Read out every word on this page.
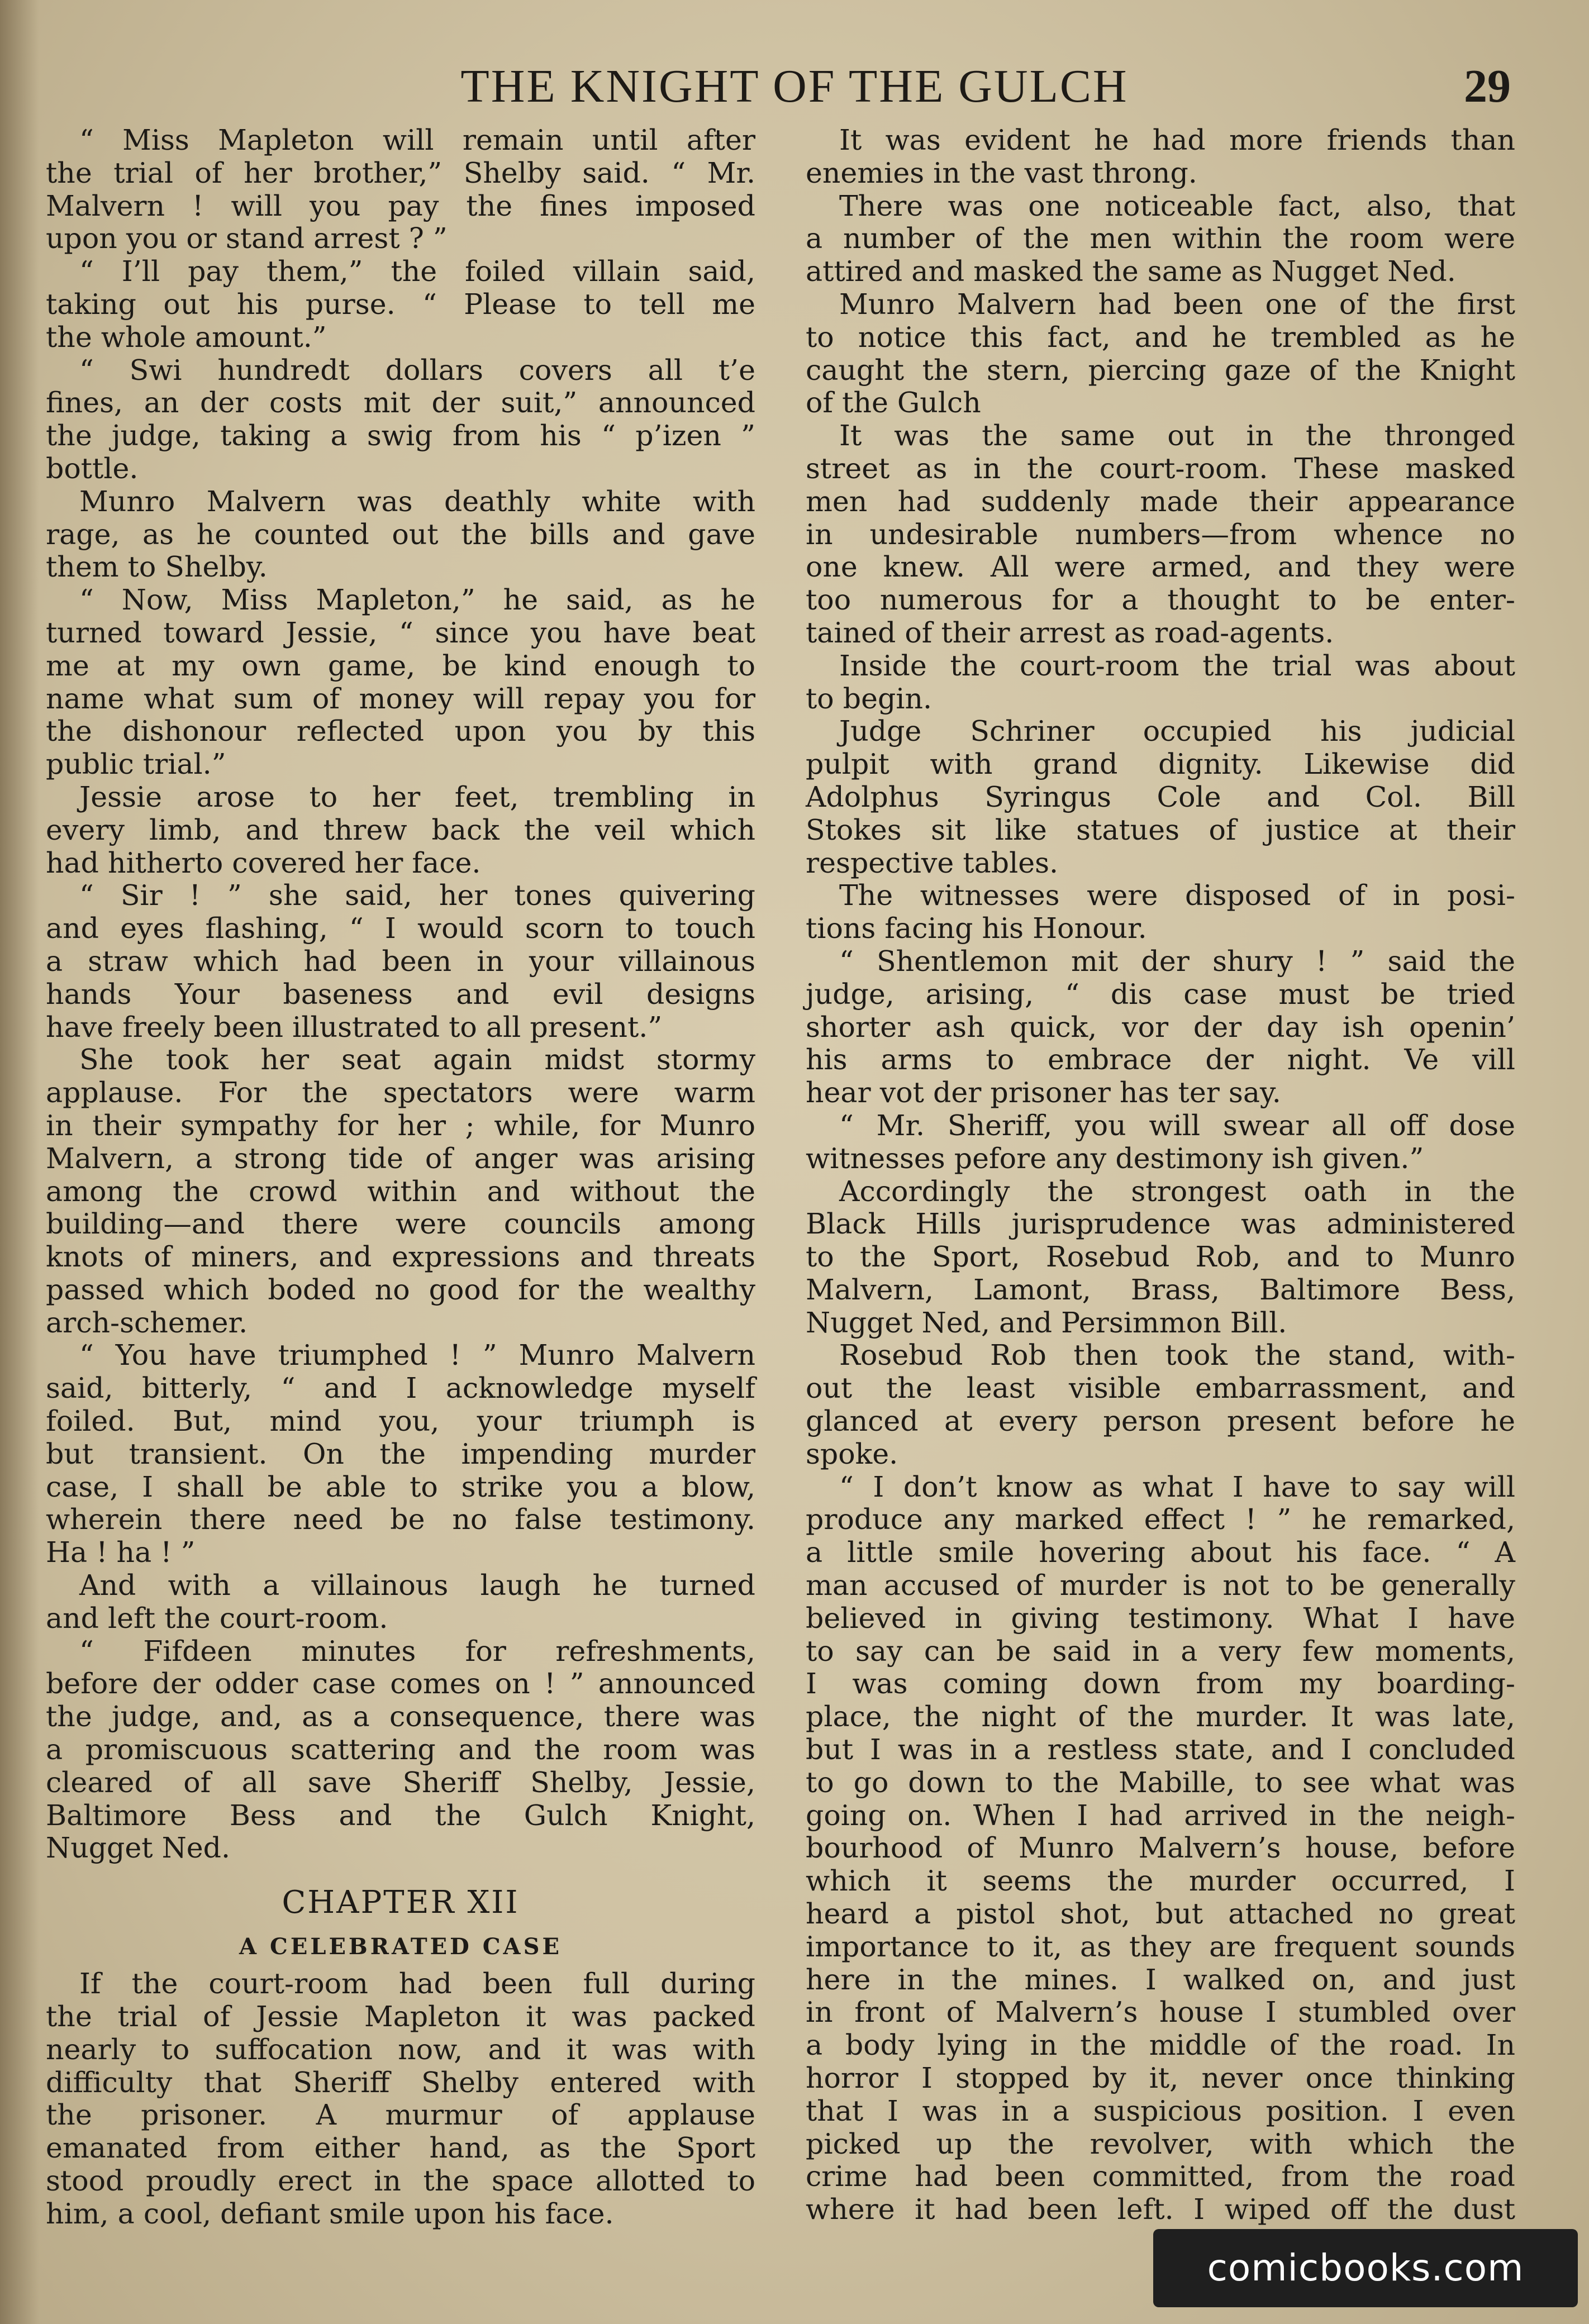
THE KNIGHT OF THE GULCH	29
“ Miss Mapleton will remain until after
the trial of her brother,” Shelby said. “ Mr.
Malvern ! will you pay the fines imposed
upon you or stand arrest ? ”
“ I’ll pay them,” the foiled villain said,
taking out his purse. “ Please to tell me
the whole amount.”
“ Swi hundredt dollars covers all t’e
fines, an der costs mit der suit,” announced
the judge, taking a swig from his “ p’izen ”
bottle.
Munro Malvern was deathly white with
rage, as he counted out the bills and gave
them to Shelby.
“ Now, Miss Mapleton,” he said, as he
turned toward Jessie, “ since you have beat
me at my own game, be kind enough to
name what sum of money will repay you for
the dishonour reflected upon you by this
public trial.”
Jessie arose to her feet, trembling in
every limb, and threw back the veil which
had hitherto covered her face.
“ Sir ! ” she said, her tones quivering
and eyes flashing, “ I would scorn to touch
a straw which had been in your villainous
hands Your baseness and evil designs
have freely been illustrated to all present.”
She took her seat again midst stormy
applause. For the spectators were warm
in their sympathy for her ; while, for Munro
Malvern, a strong tide of anger was arising
among the crowd within and without the
building—and there were councils among
knots of miners, and expressions and threats
passed which boded no good for the wealthy
arch-schemer.
“ You have triumphed ! ” Munro Malvern
said, bitterly, “ and I acknowledge myself
foiled. But, mind you, your triumph is
but transient. On the impending murder
case, I shall be able to strike you a blow,
wherein there need be no false testimony.
Ha ! ha ! ”
And with a villainous laugh he turned
and left the court-room.
“ Fifdeen minutes for refreshments,
before der odder case comes on ! ” announced
the judge, and, as a consequence, there was
a promiscuous scattering and the room was
cleared of all save Sheriff Shelby, Jessie,
Baltimore Bess and the Gulch Knight,
Nugget Ned.
CHAPTER XII
A CELEBRATED CASE
If the court-room had been full during
the trial of Jessie Mapleton it was packed
nearly to suffocation now, and it was with
difficulty that Sheriff Shelby entered with
the prisoner. A murmur of applause
emanated from either hand, as the Sport
stood proudly erect in the space allotted to
him, a cool, defiant smile upon his face.
It was evident he had more friends than
enemies in the vast throng.
There was one noticeable fact, also, that
a number of the men within the room were
attired and masked the same as Nugget Ned.
Munro Malvern had been one of the first
to notice this fact, and he trembled as he
caught the stern, piercing gaze of the Knight
of the Gulch
It was the same out in the thronged
street as in the court-room. These masked
men had suddenly made their appearance
in undesirable numbers—from whence no
one knew. All were armed, and they were
too numerous for a thought to be enter-
tained of their arrest as road-agents.
Inside the court-room the trial was about
to begin.
Judge Schriner occupied his judicial
pulpit with grand dignity. Likewise did
Adolphus Syringus Cole and Col. Bill
Stokes sit like statues of justice at their
respective tables.
The witnesses were disposed of in posi-
tions facing his Honour.
“ Shentlemon mit der shury ! ” said the
judge, arising, “ dis case must be tried
shorter ash quick, vor der day ish openin’
his arms to embrace der night. Ve vill
hear vot der prisoner has ter say.
“ Mr. Sheriff, you will swear all off dose
witnesses pefore any destimony ish given.”
Accordingly the strongest oath in the
Black Hills jurisprudence was administered
to the Sport, Rosebud Rob, and to Munro
Malvern, Lamont, Brass, Baltimore Bess,
Nugget Ned, and Persimmon Bill.
Rosebud Rob then took the stand, with-
out the least visible embarrassment, and
glanced at every person present before he
spoke.
“ I don’t know as what I have to say will
produce any marked effect ! ” he remarked,
a little smile hovering about his face. “ A
man accused of murder is not to be generally
believed in giving testimony. What I have
to say can be said in a very few moments,
I was coming down from my boarding-
place, the night of the murder. It was late,
but I was in a restless state, and I concluded
to go down to the Mabille, to see what was
going on. When I had arrived in the neigh-
bourhood of Munro Malvern’s house, before
which it seems the murder occurred, I
heard a pistol shot, but attached no great
importance to it, as they are frequent sounds
here in the mines. I walked on, and just
in front of Malvern’s house I stumbled over
a body lying in the middle of the road. In
horror I stopped by it, never once thinking
that I was in a suspicious position. I even
picked up the revolver, with which the
crime had been committed, from the road
where it had been left. I wiped off the dust
comicbooks.com
